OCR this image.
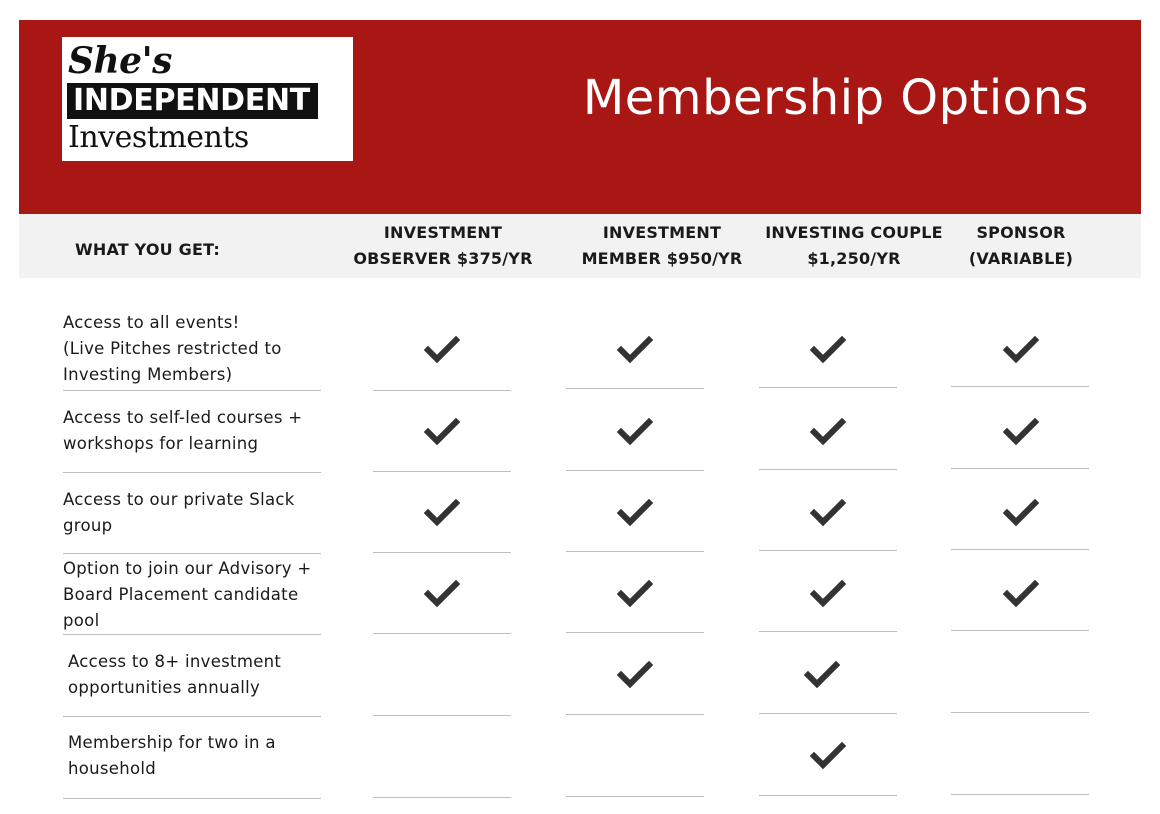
She's
INDEPENDENT
Investments
Membership Options
WHAT YOU GET:
INVESTMENT
OBSERVER $375/YR
INVESTMENT
MEMBER $950/YR
INVESTING COUPLE
$1,250/YR
SPONSOR
(VARIABLE)
Access to all events!
(Live Pitches restricted to
Investing Members)
Access to self-led courses +
workshops for learning
Access to our private Slack
group
Option to join our Advisory +
Board Placement candidate
pool
Access to 8+ investment
opportunities annually
Membership for two in a
household
